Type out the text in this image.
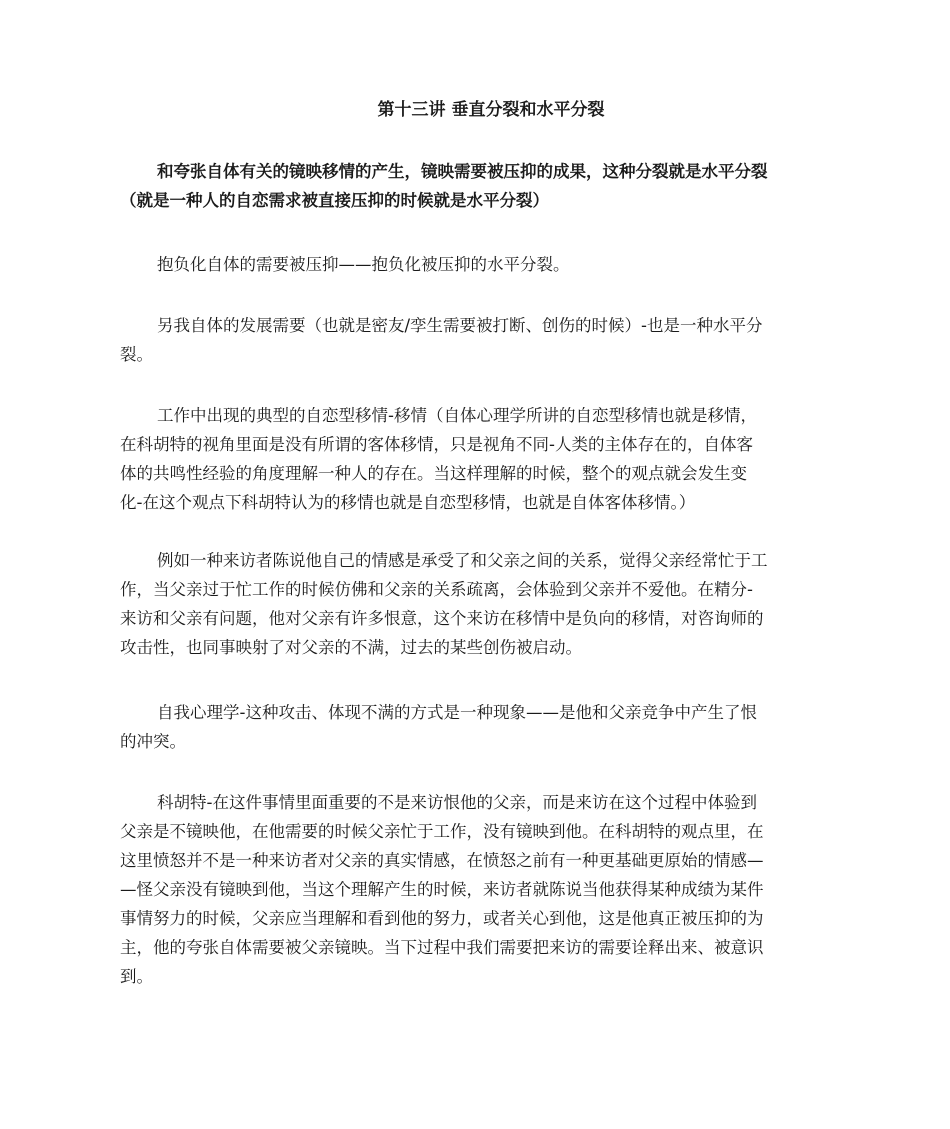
第十三讲 垂直分裂和水平分裂

和夸张自体有关的镜映移情的产生，镜映需要被压抑的成果，这种分裂就是水平分裂
（就是一种人的自恋需求被直接压抑的时候就是水平分裂）

抱负化自体的需要被压抑——抱负化被压抑的水平分裂。

另我自体的发展需要（也就是密友/孪生需要被打断、创伤的时候）-也是一种水平分
裂。

工作中出现的典型的自恋型移情-移情（自体心理学所讲的自恋型移情也就是移情，
在科胡特的视角里面是没有所谓的客体移情，只是视角不同-人类的主体存在的，自体客
体的共鸣性经验的角度理解一种人的存在。当这样理解的时候，整个的观点就会发生变
化-在这个观点下科胡特认为的移情也就是自恋型移情，也就是自体客体移情。）

例如一种来访者陈说他自己的情感是承受了和父亲之间的关系，觉得父亲经常忙于工
作，当父亲过于忙工作的时候仿佛和父亲的关系疏离，会体验到父亲并不爱他。在精分-
来访和父亲有问题，他对父亲有许多恨意，这个来访在移情中是负向的移情，对咨询师的
攻击性，也同事映射了对父亲的不满，过去的某些创伤被启动。

自我心理学-这种攻击、体现不满的方式是一种现象——是他和父亲竞争中产生了恨
的冲突。

科胡特-在这件事情里面重要的不是来访恨他的父亲，而是来访在这个过程中体验到
父亲是不镜映他，在他需要的时候父亲忙于工作，没有镜映到他。在科胡特的观点里，在
这里愤怒并不是一种来访者对父亲的真实情感，在愤怒之前有一种更基础更原始的情感—
—怪父亲没有镜映到他，当这个理解产生的时候，来访者就陈说当他获得某种成绩为某件
事情努力的时候，父亲应当理解和看到他的努力，或者关心到他，这是他真正被压抑的为
主，他的夸张自体需要被父亲镜映。当下过程中我们需要把来访的需要诠释出来、被意识
到。
